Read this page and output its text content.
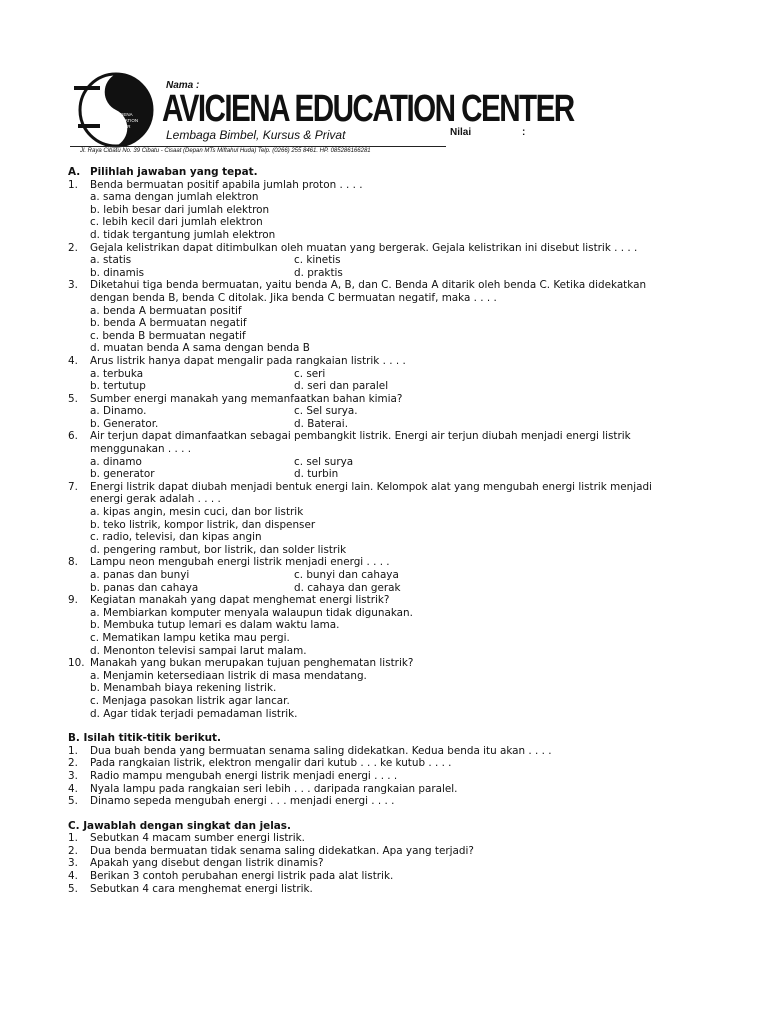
AVICIENA
EDUCATION
CENTER
Nama :
AVICIENA EDUCATION CENTER
Lembaga Bimbel, Kursus & Privat	Nilai	:
Jl. Raya Cibatu No. 39 Cibatu - Cisaat (Depan MTs Miftahul Huda) Telp. (0266) 255 8461. HP. 085286166281
A. Pilihlah jawaban yang tepat.
1. Benda bermuatan positif apabila jumlah proton . . . .
a. sama dengan jumlah elektron
b. lebih besar dari jumlah elektron
c. lebih kecil dari jumlah elektron
d. tidak tergantung jumlah elektron
2. Gejala kelistrikan dapat ditimbulkan oleh muatan yang bergerak. Gejala kelistrikan ini disebut listrik . . . .
a. statis	c. kinetis
b. dinamis	d. praktis
3. Diketahui tiga benda bermuatan, yaitu benda A, B, dan C. Benda A ditarik oleh benda C. Ketika didekatkan
dengan benda B, benda C ditolak. Jika benda C bermuatan negatif, maka . . . .
a. benda A bermuatan positif
b. benda A bermuatan negatif
c. benda B bermuatan negatif
d. muatan benda A sama dengan benda B
4. Arus listrik hanya dapat mengalir pada rangkaian listrik . . . .
a. terbuka	c. seri
b. tertutup	d. seri dan paralel
5. Sumber energi manakah yang memanfaatkan bahan kimia?
a. Dinamo.	c. Sel surya.
b. Generator.	d. Baterai.
6. Air terjun dapat dimanfaatkan sebagai pembangkit listrik. Energi air terjun diubah menjadi energi listrik
menggunakan . . . .
a. dinamo	c. sel surya
b. generator	d. turbin
7. Energi listrik dapat diubah menjadi bentuk energi lain. Kelompok alat yang mengubah energi listrik menjadi
energi gerak adalah . . . .
a. kipas angin, mesin cuci, dan bor listrik
b. teko listrik, kompor listrik, dan dispenser
c. radio, televisi, dan kipas angin
d. pengering rambut, bor listrik, dan solder listrik
8. Lampu neon mengubah energi listrik menjadi energi . . . .
a. panas dan bunyi	c. bunyi dan cahaya
b. panas dan cahaya	d. cahaya dan gerak
9. Kegiatan manakah yang dapat menghemat energi listrik?
a. Membiarkan komputer menyala walaupun tidak digunakan.
b. Membuka tutup lemari es dalam waktu lama.
c. Mematikan lampu ketika mau pergi.
d. Menonton televisi sampai larut malam.
10. Manakah yang bukan merupakan tujuan penghematan listrik?
a. Menjamin ketersediaan listrik di masa mendatang.
b. Menambah biaya rekening listrik.
c. Menjaga pasokan listrik agar lancar.
d. Agar tidak terjadi pemadaman listrik.
B. Isilah titik-titik berikut.
1. Dua buah benda yang bermuatan senama saling didekatkan. Kedua benda itu akan . . . .
2. Pada rangkaian listrik, elektron mengalir dari kutub . . . ke kutub . . . .
3. Radio mampu mengubah energi listrik menjadi energi . . . .
4. Nyala lampu pada rangkaian seri lebih . . . daripada rangkaian paralel.
5. Dinamo sepeda mengubah energi . . . menjadi energi . . . .
C. Jawablah dengan singkat dan jelas.
1. Sebutkan 4 macam sumber energi listrik.
2. Dua benda bermuatan tidak senama saling didekatkan. Apa yang terjadi?
3. Apakah yang disebut dengan listrik dinamis?
4. Berikan 3 contoh perubahan energi listrik pada alat listrik.
5. Sebutkan 4 cara menghemat energi listrik.
